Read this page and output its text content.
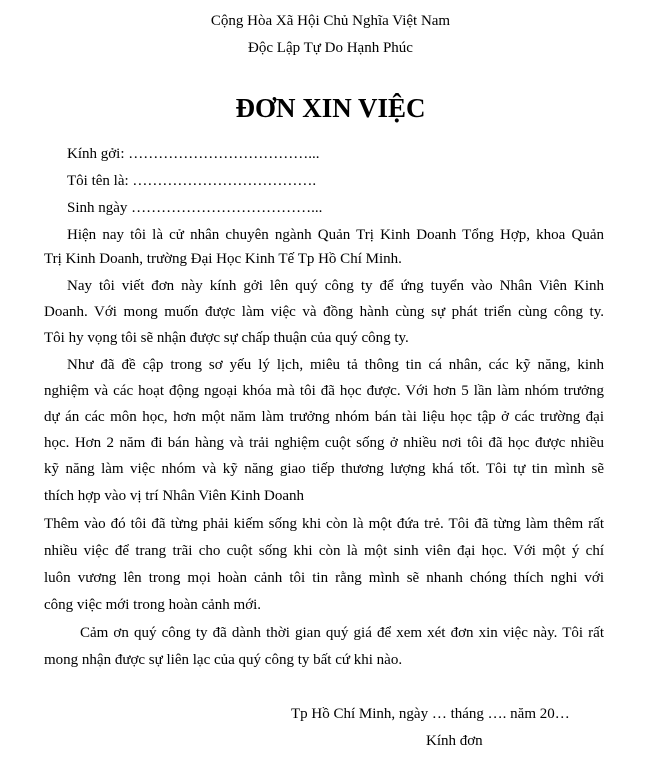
Cộng Hòa Xã Hội Chủ Nghĩa Việt Nam
Độc Lập Tự Do Hạnh Phúc
ĐƠN XIN VIỆC
Kính gởi: ………………………………...
Tôi tên là: ……………………………….
Sinh ngày ………………………………...
Hiện nay tôi là cử nhân chuyên ngành Quản Trị Kinh Doanh Tổng Hợp, khoa Quản
Trị Kinh Doanh, trường Đại Học Kinh Tế Tp Hồ Chí Minh.
Nay tôi viết đơn này kính gởi lên quý công ty để ứng tuyển vào Nhân Viên Kinh
Doanh. Với mong muốn được làm việc và đồng hành cùng sự phát triển cùng công ty.
Tôi hy vọng tôi sẽ nhận được sự chấp thuận của quý công ty.
Như đã đề cập trong sơ yếu lý lịch, miêu tả thông tin cá nhân, các kỹ năng, kinh
nghiệm và các hoạt động ngoại khóa mà tôi đã học được. Với hơn 5 lần làm nhóm trưởng
dự án các môn học, hơn một năm làm trưởng nhóm bán tài liệu học tập ở các trường đại
học. Hơn 2 năm đi bán hàng và trải nghiệm cuột sống ở nhiều nơi tôi đã học được nhiều
kỹ năng làm việc nhóm và kỹ năng giao tiếp thương lượng khá tốt. Tôi tự tin mình sẽ
thích hợp vào vị trí Nhân Viên Kinh Doanh
Thêm vào đó tôi đã từng phải kiếm sống khi còn là một đứa trẻ. Tôi đã từng làm thêm rất
nhiều việc để trang trãi cho cuột sống khi còn là một sinh viên đại học. Với một ý chí
luôn vương lên trong mọi hoàn cảnh tôi tin rằng mình sẽ nhanh chóng thích nghi với
công việc mới trong hoàn cảnh mới.
Cảm ơn quý công ty đã dành thời gian quý giá để xem xét đơn xin việc này. Tôi rất
mong nhận được sự liên lạc của quý công ty bất cứ khi nào.
Tp Hồ Chí Minh, ngày … tháng …. năm 20…
Kính đơn
